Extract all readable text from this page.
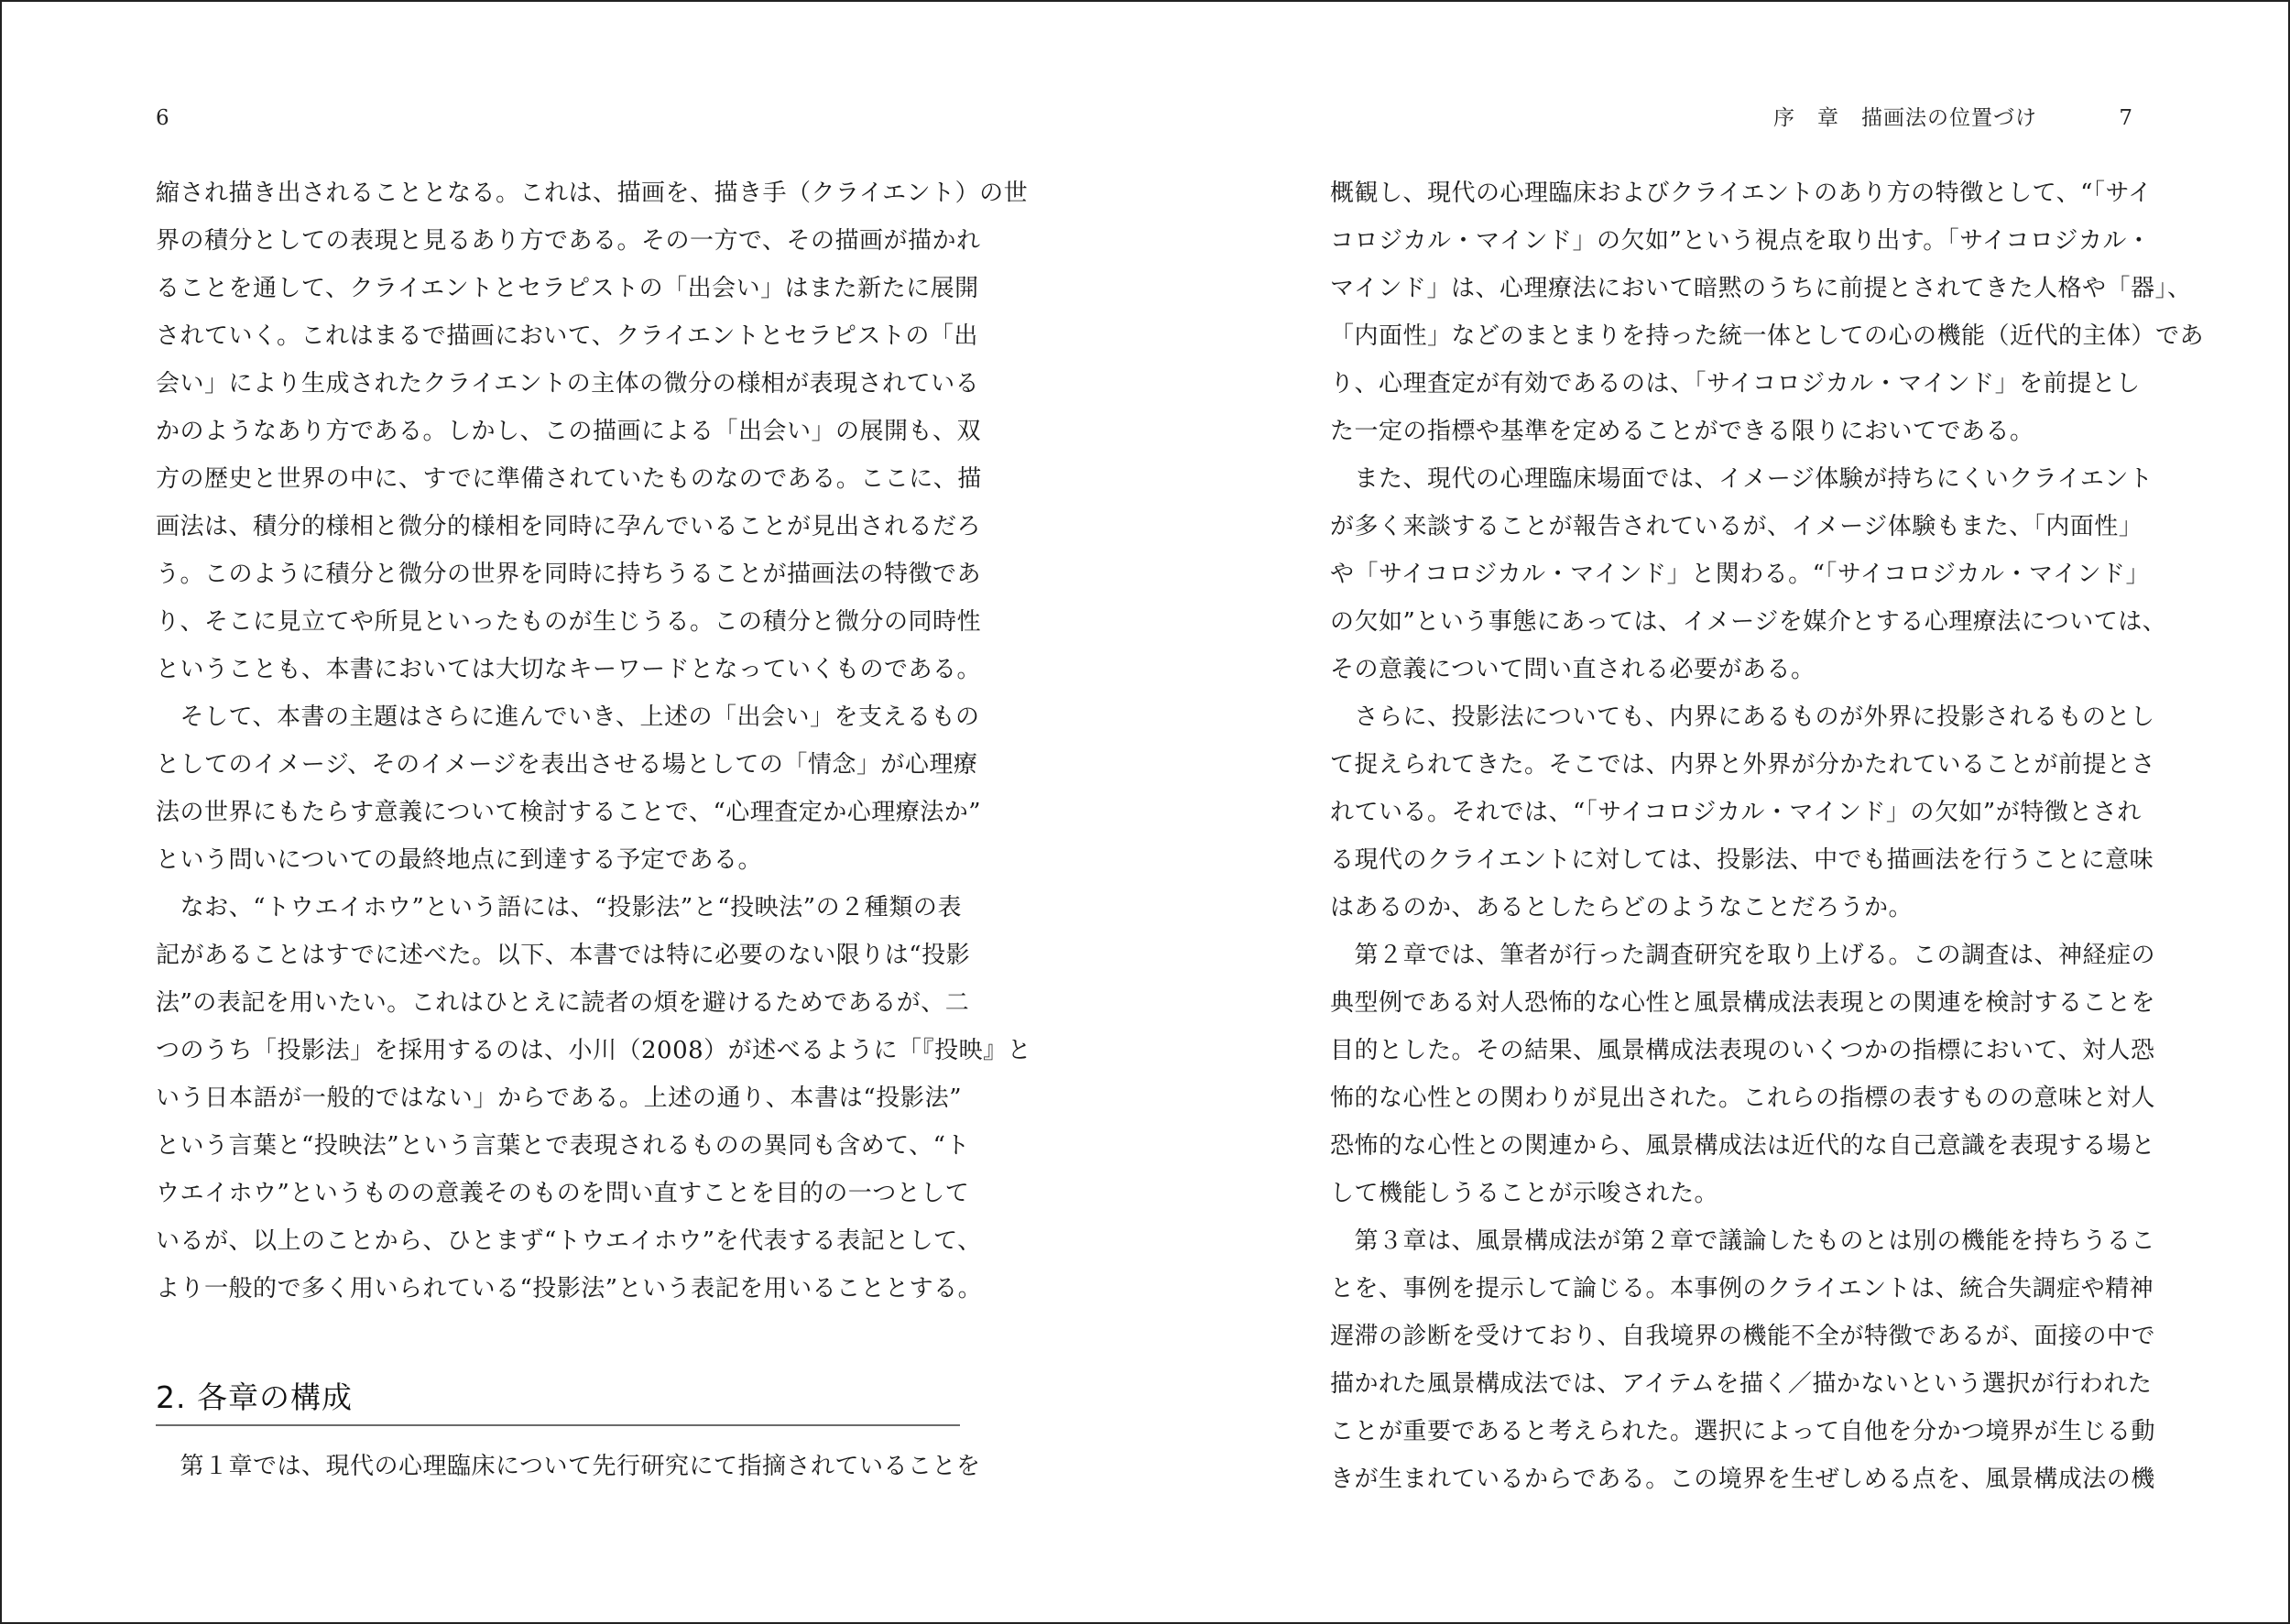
6
縮され描き出されることとなる。これは、描画を、描き手（クライエント）の世
界の積分としての表現と見るあり方である。その一方で、その描画が描かれ
ることを通して、クライエントとセラピストの「出会い」はまた新たに展開
されていく。これはまるで描画において、クライエントとセラピストの「出
会い」により生成されたクライエントの主体の微分の様相が表現されている
かのようなあり方である。しかし、この描画による「出会い」の展開も、双
方の歴史と世界の中に、すでに準備されていたものなのである。ここに、描
画法は、積分的様相と微分的様相を同時に孕んでいることが見出されるだろ
う。このように積分と微分の世界を同時に持ちうることが描画法の特徴であ
り、そこに見立てや所見といったものが生じうる。この積分と微分の同時性
ということも、本書においては大切なキーワードとなっていくものである。
　そして、本書の主題はさらに進んでいき、上述の「出会い」を支えるもの
としてのイメージ、そのイメージを表出させる場としての「情念」が心理療
法の世界にもたらす意義について検討することで、“心理査定か心理療法か”
という問いについての最終地点に到達する予定である。
　なお、“トウエイホウ”という語には、“投影法”と“投映法”の２種類の表
記があることはすでに述べた。以下、本書では特に必要のない限りは“投影
法”の表記を用いたい。これはひとえに読者の煩を避けるためであるが、二
つのうち「投影法」を採用するのは、小川（2008）が述べるように「『投映』と
いう日本語が一般的ではない」からである。上述の通り、本書は“投影法”
という言葉と“投映法”という言葉とで表現されるものの異同も含めて、“ト
ウエイホウ”というものの意義そのものを問い直すことを目的の一つとして
いるが、以上のことから、ひとまず“トウエイホウ”を代表する表記として、
より一般的で多く用いられている“投影法”という表記を用いることとする。
2. 各章の構成
　第１章では、現代の心理臨床について先行研究にて指摘されていることを
序　章　描画法の位置づけ	7
概観し、現代の心理臨床およびクライエントのあり方の特徴として、“「サイ
コロジカル・マインド」の欠如”という視点を取り出す。「サイコロジカル・
マインド」は、心理療法において暗黙のうちに前提とされてきた人格や「器」、
「内面性」などのまとまりを持った統一体としての心の機能（近代的主体）であ
り、心理査定が有効であるのは、「サイコロジカル・マインド」を前提とし
た一定の指標や基準を定めることができる限りにおいてである。
　また、現代の心理臨床場面では、イメージ体験が持ちにくいクライエント
が多く来談することが報告されているが、イメージ体験もまた、「内面性」
や「サイコロジカル・マインド」と関わる。“「サイコロジカル・マインド」
の欠如”という事態にあっては、イメージを媒介とする心理療法については、
その意義について問い直される必要がある。
　さらに、投影法についても、内界にあるものが外界に投影されるものとし
て捉えられてきた。そこでは、内界と外界が分かたれていることが前提とさ
れている。それでは、“「サイコロジカル・マインド」の欠如”が特徴とされ
る現代のクライエントに対しては、投影法、中でも描画法を行うことに意味
はあるのか、あるとしたらどのようなことだろうか。
　第２章では、筆者が行った調査研究を取り上げる。この調査は、神経症の
典型例である対人恐怖的な心性と風景構成法表現との関連を検討することを
目的とした。その結果、風景構成法表現のいくつかの指標において、対人恐
怖的な心性との関わりが見出された。これらの指標の表すものの意味と対人
恐怖的な心性との関連から、風景構成法は近代的な自己意識を表現する場と
して機能しうることが示唆された。
　第３章は、風景構成法が第２章で議論したものとは別の機能を持ちうるこ
とを、事例を提示して論じる。本事例のクライエントは、統合失調症や精神
遅滞の診断を受けており、自我境界の機能不全が特徴であるが、面接の中で
描かれた風景構成法では、アイテムを描く／描かないという選択が行われた
ことが重要であると考えられた。選択によって自他を分かつ境界が生じる動
きが生まれているからである。この境界を生ぜしめる点を、風景構成法の機
